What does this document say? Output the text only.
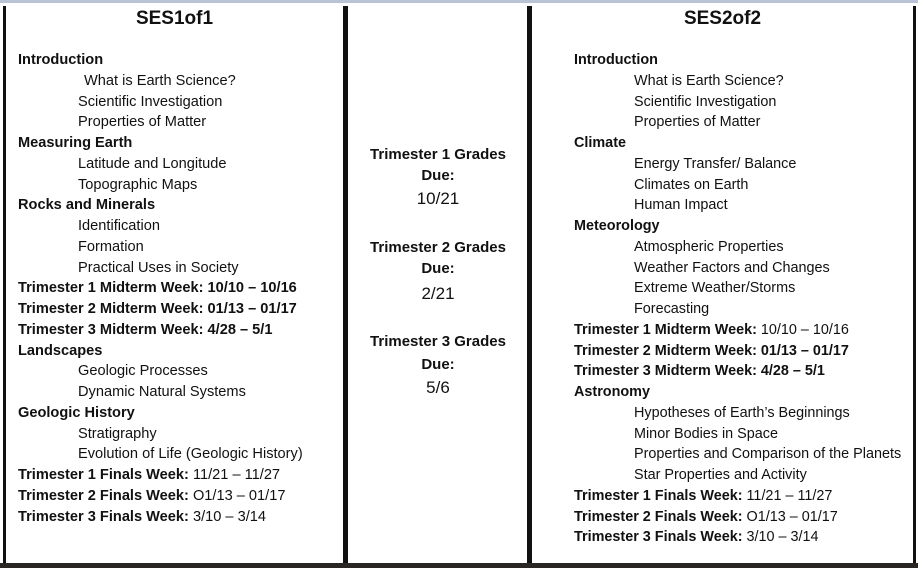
SES1of1
Introduction
What is Earth Science?
Scientific Investigation
Properties of Matter
Measuring Earth
Latitude and Longitude
Topographic Maps
Rocks and Minerals
Identification
Formation
Practical Uses in Society
Trimester 1 Midterm Week: 10/10 – 10/16
Trimester 2 Midterm Week: 01/13 – 01/17
Trimester 3 Midterm Week: 4/28 – 5/1
Landscapes
Geologic Processes
Dynamic Natural Systems
Geologic History
Stratigraphy
Evolution of Life (Geologic History)
Trimester 1 Finals Week: 11/21 – 11/27
Trimester 2 Finals Week: O1/13 – 01/17
Trimester 3 Finals Week: 3/10 – 3/14
Trimester 1 Grades
Due:
10/21
Trimester 2 Grades
Due:
2/21
Trimester 3 Grades
Due:
5/6
SES2of2
Introduction
What is Earth Science?
Scientific Investigation
Properties of Matter
Climate
Energy Transfer/ Balance
Climates on Earth
Human Impact
Meteorology
Atmospheric Properties
Weather Factors and Changes
Extreme Weather/Storms
Forecasting
Trimester 1 Midterm Week: 10/10 – 10/16
Trimester 2 Midterm Week: 01/13 – 01/17
Trimester 3 Midterm Week: 4/28 – 5/1
Astronomy
Hypotheses of Earth’s Beginnings
Minor Bodies in Space
Properties and Comparison of the Planets
Star Properties and Activity
Trimester 1 Finals Week: 11/21 – 11/27
Trimester 2 Finals Week: O1/13 – 01/17
Trimester 3 Finals Week: 3/10 – 3/14
